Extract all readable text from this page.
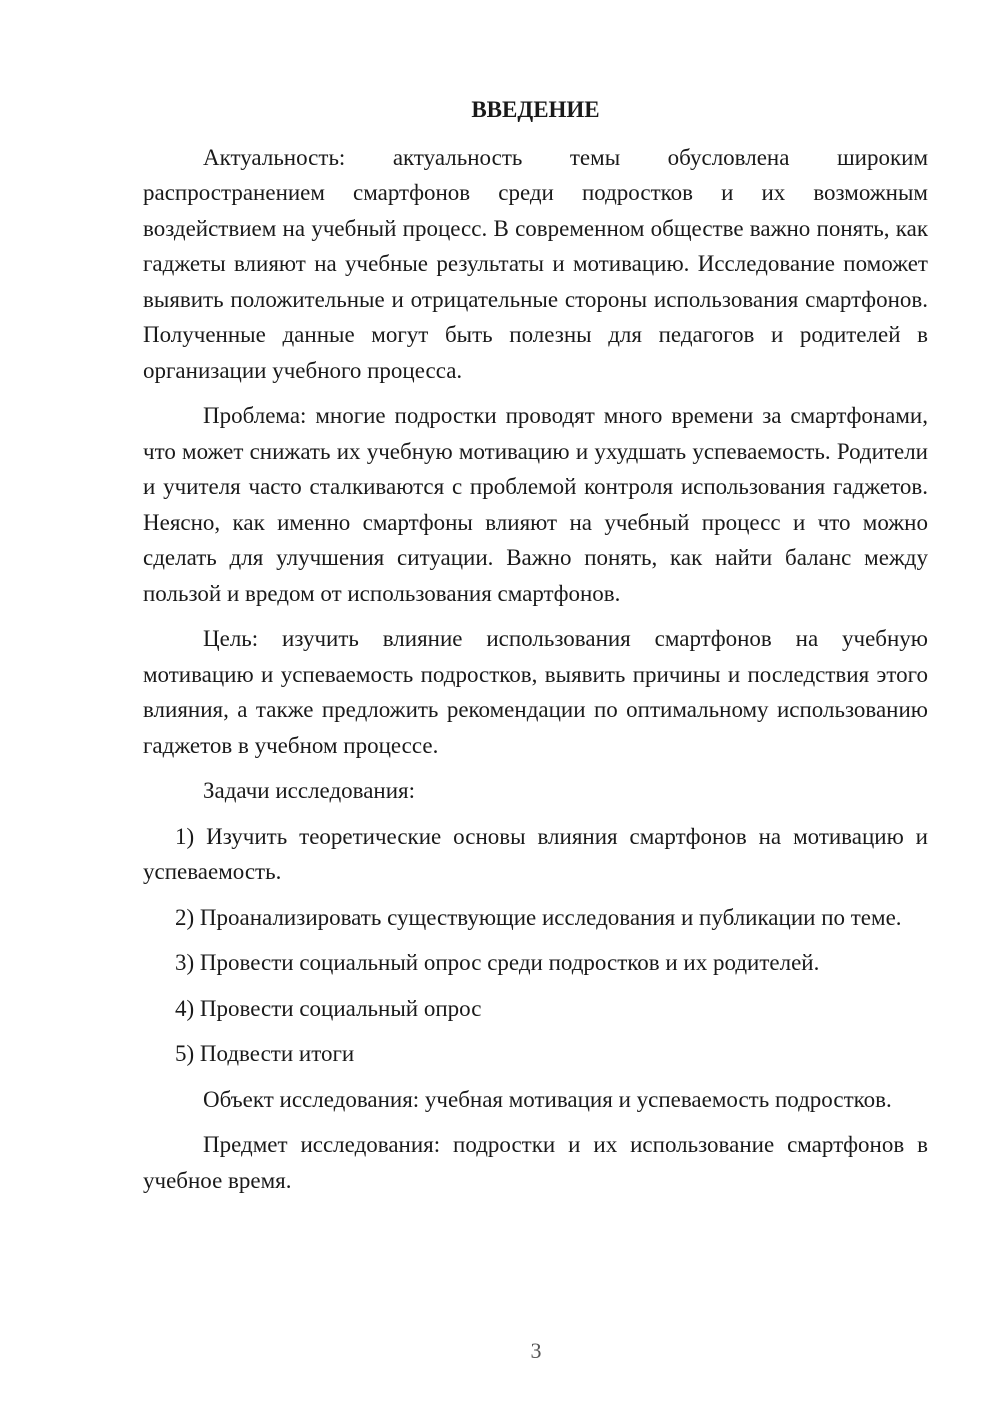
ВВЕДЕНИЕ

Актуальность: актуальность темы обусловлена широким распространением смартфонов среди подростков и их возможным воздействием на учебный процесс. В современном обществе важно понять, как гаджеты влияют на учебные результаты и мотивацию. Исследование поможет выявить положительные и отрицательные стороны использования смартфонов. Полученные данные могут быть полезны для педагогов и родителей в организации учебного процесса.

Проблема: многие подростки проводят много времени за смартфонами, что может снижать их учебную мотивацию и ухудшать успеваемость. Родители и учителя часто сталкиваются с проблемой контроля использования гаджетов. Неясно, как именно смартфоны влияют на учебный процесс и что можно сделать для улучшения ситуации. Важно понять, как найти баланс между пользой и вредом от использования смартфонов.

Цель: изучить влияние использования смартфонов на учебную мотивацию и успеваемость подростков, выявить причины и последствия этого влияния, а также предложить рекомендации по оптимальному использованию гаджетов в учебном процессе.

Задачи исследования:

1) Изучить теоретические основы влияния смартфонов на мотивацию и успеваемость.

2) Проанализировать существующие исследования и публикации по теме.

3) Провести социальный опрос среди подростков и их родителей.

4) Провести социальный опрос

5) Подвести итоги

Объект исследования: учебная мотивация и успеваемость подростков.

Предмет исследования: подростки и их использование смартфонов в учебное время.

3
